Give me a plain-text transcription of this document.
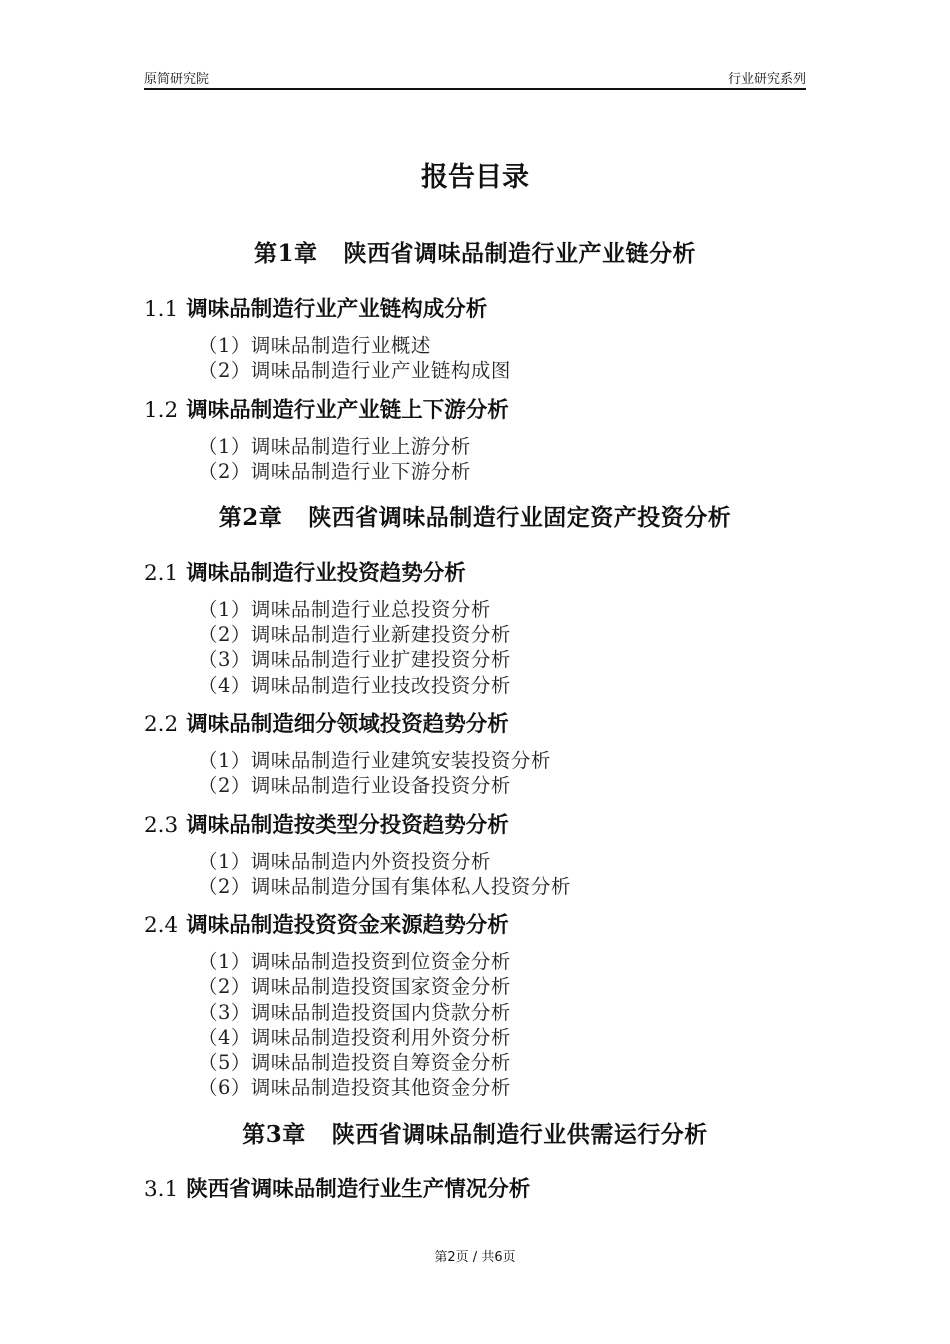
原简研究院	行业研究系列
报告目录
第1章 陕西省调味品制造行业产业链分析
1.1 调味品制造行业产业链构成分析
（1）调味品制造行业概述
（2）调味品制造行业产业链构成图
1.2 调味品制造行业产业链上下游分析
（1）调味品制造行业上游分析
（2）调味品制造行业下游分析
第2章 陕西省调味品制造行业固定资产投资分析
2.1 调味品制造行业投资趋势分析
（1）调味品制造行业总投资分析
（2）调味品制造行业新建投资分析
（3）调味品制造行业扩建投资分析
（4）调味品制造行业技改投资分析
2.2 调味品制造细分领域投资趋势分析
（1）调味品制造行业建筑安装投资分析
（2）调味品制造行业设备投资分析
2.3 调味品制造按类型分投资趋势分析
（1）调味品制造内外资投资分析
（2）调味品制造分国有集体私人投资分析
2.4 调味品制造投资资金来源趋势分析
（1）调味品制造投资到位资金分析
（2）调味品制造投资国家资金分析
（3）调味品制造投资国内贷款分析
（4）调味品制造投资利用外资分析
（5）调味品制造投资自筹资金分析
（6）调味品制造投资其他资金分析
第3章 陕西省调味品制造行业供需运行分析
3.1 陕西省调味品制造行业生产情况分析
第2页 / 共6页
